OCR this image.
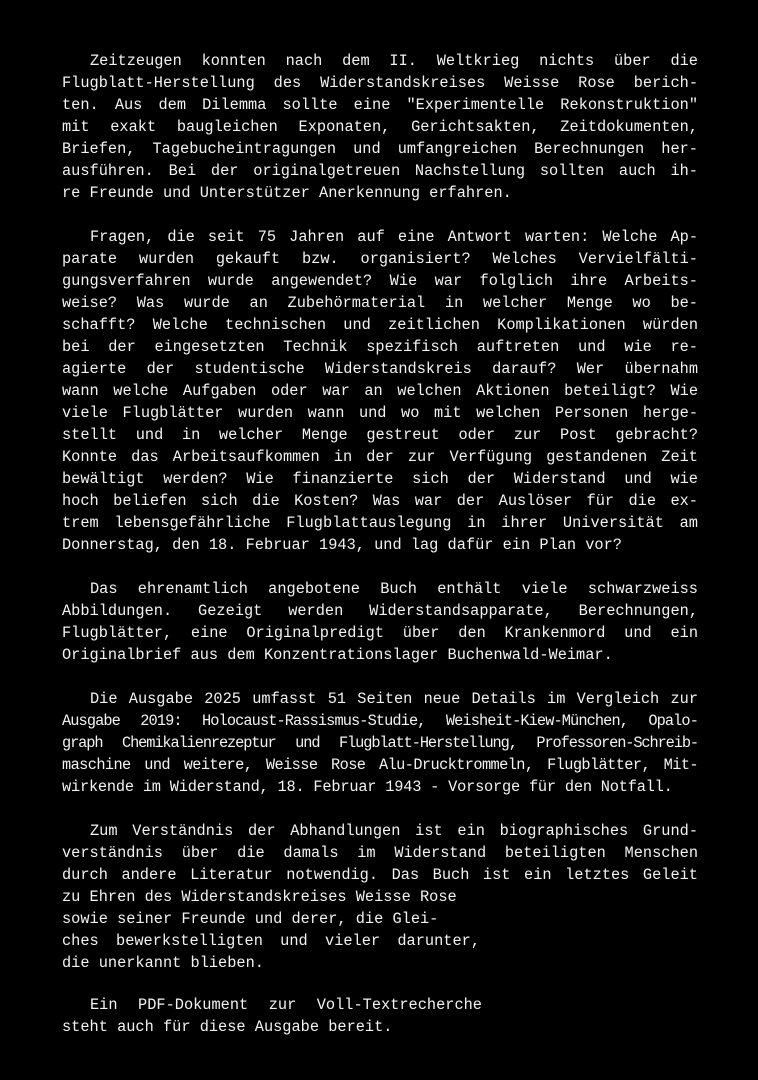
Zeitzeugen konnten nach dem II. Weltkrieg nichts über die
Flugblatt-Herstellung des Widerstandskreises Weisse Rose berich-
ten. Aus dem Dilemma sollte eine "Experimentelle Rekonstruktion"
mit exakt baugleichen Exponaten, Gerichtsakten, Zeitdokumenten,
Briefen, Tagebucheintragungen und umfangreichen Berechnungen her-
ausführen. Bei der originalgetreuen Nachstellung sollten auch ih-
re Freunde und Unterstützer Anerkennung erfahren.
Fragen, die seit 75 Jahren auf eine Antwort warten: Welche Ap-
parate wurden gekauft bzw. organisiert? Welches Vervielfälti-
gungsverfahren wurde angewendet? Wie war folglich ihre Arbeits-
weise? Was wurde an Zubehörmaterial in welcher Menge wo be-
schafft? Welche technischen und zeitlichen Komplikationen würden
bei der eingesetzten Technik spezifisch auftreten und wie re-
agierte der studentische Widerstandskreis darauf? Wer übernahm
wann welche Aufgaben oder war an welchen Aktionen beteiligt? Wie
viele Flugblätter wurden wann und wo mit welchen Personen herge-
stellt und in welcher Menge gestreut oder zur Post gebracht?
Konnte das Arbeitsaufkommen in der zur Verfügung gestandenen Zeit
bewältigt werden? Wie finanzierte sich der Widerstand und wie
hoch beliefen sich die Kosten? Was war der Auslöser für die ex-
trem lebensgefährliche Flugblattauslegung in ihrer Universität am
Donnerstag, den 18. Februar 1943, und lag dafür ein Plan vor?
Das ehrenamtlich angebotene Buch enthält viele schwarzweiss
Abbildungen. Gezeigt werden Widerstandsapparate, Berechnungen,
Flugblätter, eine Originalpredigt über den Krankenmord und ein
Originalbrief aus dem Konzentrationslager Buchenwald-Weimar.
Die Ausgabe 2025 umfasst 51 Seiten neue Details im Vergleich zur
Ausgabe 2019: Holocaust-Rassismus-Studie, Weisheit-Kiew-München, Opalo-
graph Chemikalienrezeptur und Flugblatt-Herstellung, Professoren-Schreib-
maschine und weitere, Weisse Rose Alu-Drucktrommeln, Flugblätter, Mit-
wirkende im Widerstand, 18. Februar 1943 - Vorsorge für den Notfall.
Zum Verständnis der Abhandlungen ist ein biographisches Grund-
verständnis über die damals im Widerstand beteiligten Menschen
durch andere Literatur notwendig. Das Buch ist ein letztes Geleit
zu Ehren des Widerstandskreises Weisse Rose
sowie seiner Freunde und derer, die Glei-
ches bewerkstelligten und vieler darunter,
die unerkannt blieben.
Ein PDF-Dokument zur Voll-Textrecherche
steht auch für diese Ausgabe bereit.
